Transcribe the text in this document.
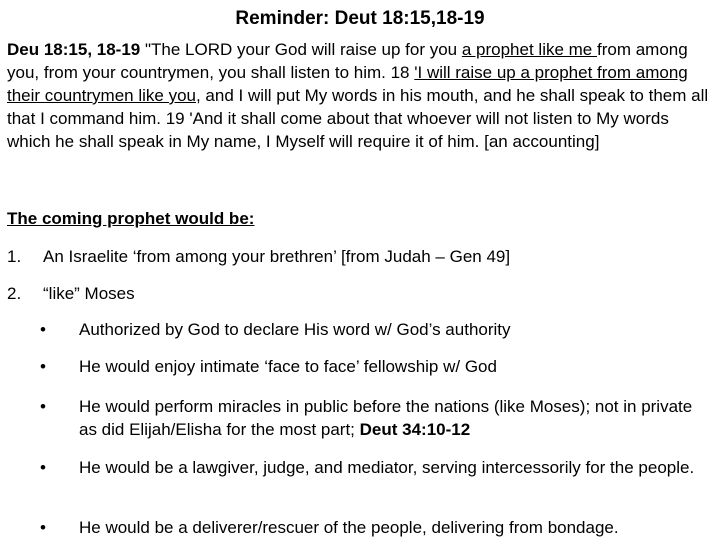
Reminder: Deut 18:15,18-19
Deu 18:15, 18-19 "The LORD your God will raise up for you a prophet like me from among you, from your countrymen, you shall listen to him. 18 'I will raise up a prophet from among their countrymen like you, and I will put My words in his mouth, and he shall speak to them all that I command him. 19 'And it shall come about that whoever will not listen to My words which he shall speak in My name, I Myself will require it of him. [an accounting]
The coming prophet would be:
1. An Israelite ‘from among your brethren’ [from Judah – Gen 49]
2. “like” Moses
• Authorized by God to declare His word w/ God’s authority
• He would enjoy intimate ‘face to face’ fellowship w/ God
• He would perform miracles in public before the nations (like Moses); not in private as did Elijah/Elisha for the most part; Deut 34:10-12
• He would be a lawgiver, judge, and mediator, serving intercessorily for the people.
• He would be a deliverer/rescuer of the people, delivering from bondage.
